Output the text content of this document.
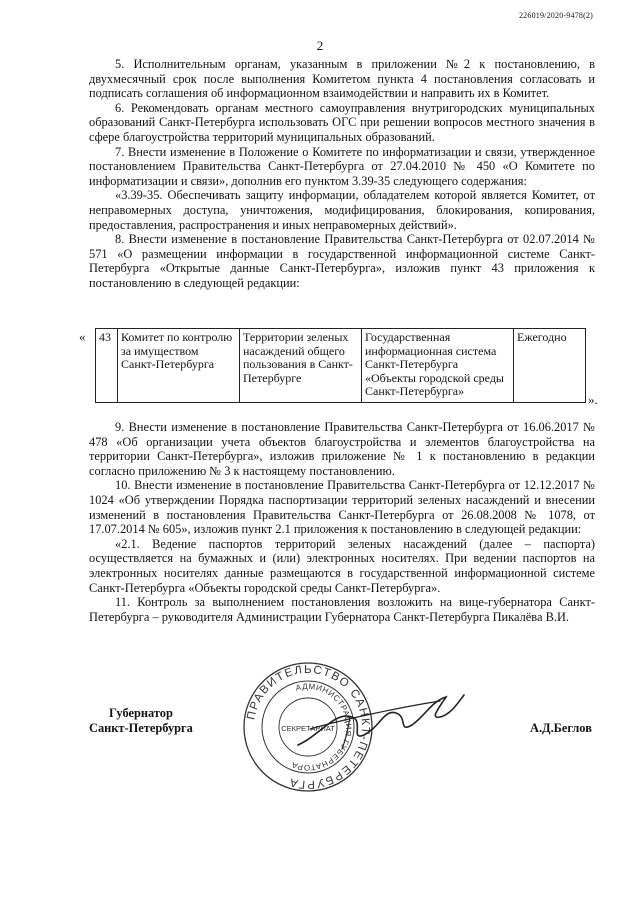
226019/2020-9478(2)
2

5. Исполнительным органам, указанным в приложении №2 к постановлению, в двухмесячный срок после выполнения Комитетом пункта 4 постановления согласовать и подписать соглашения об информационном взаимодействии и направить их в Комитет.

6. Рекомендовать органам местного самоуправления внутригородских муниципальных образований Санкт-Петербурга использовать ОГС при решении вопросов местного значения в сфере благоустройства территорий муниципальных образований.

7. Внести изменение в Положение о Комитете по информатизации и связи, утвержденное постановлением Правительства Санкт-Петербурга от 27.04.2010 № 450 «О Комитете по информатизации и связи», дополнив его пунктом 3.39-35 следующего содержания:

«3.39-35. Обеспечивать защиту информации, обладателем которой является Комитет, от неправомерных доступа, уничтожения, модифицирования, блокирования, копирования, предоставления, распространения и иных неправомерных действий».

8. Внести изменение в постановление Правительства Санкт-Петербурга от 02.07.2014 № 571 «О размещении информации в государственной информационной системе Санкт-Петербурга «Открытые данные Санкт-Петербурга», изложив пункт 43 приложения к постановлению в следующей редакции:

« 43	Комитет по контролю за имуществом Санкт-Петербурга	Территории зеленых насаждений общего пользования в Санкт-Петербурге	Государственная информационная система Санкт-Петербурга «Объекты городской среды Санкт-Петербурга»	Ежегодно
».

9. Внести изменение в постановление Правительства Санкт-Петербурга от 16.06.2017 № 478 «Об организации учета объектов благоустройства и элементов благоустройства на территории Санкт-Петербурга», изложив приложение № 1 к постановлению в редакции согласно приложению № 3 к настоящему постановлению.

10. Внести изменение в постановление Правительства Санкт-Петербурга от 12.12.2017 № 1024 «Об утверждении Порядка паспортизации территорий зеленых насаждений и внесении изменений в постановления Правительства Санкт-Петербурга от 26.08.2008 № 1078, от 17.07.2014 № 605», изложив пункт 2.1 приложения к постановлению в следующей редакции:

«2.1. Ведение паспортов территорий зеленых насаждений (далее – паспорта) осуществляется на бумажных и (или) электронных носителях. При ведении паспортов на электронных носителях данные размещаются в государственной информационной системе Санкт-Петербурга «Объекты городской среды Санкт-Петербурга».

11. Контроль за выполнением постановления возложить на вице-губернатора Санкт-Петербурга – руководителя Администрации Губернатора Санкт-Петербурга Пикалёва В.И.

ПРАВИТЕЛЬСТВО САНКТ-ПЕТЕРБУРГА
АДМИНИСТРАЦИЯ ГУБЕРНАТОРА
СЕКРЕТАРИАТ
Губернатор
Санкт-Петербурга	А.Д.Беглов
